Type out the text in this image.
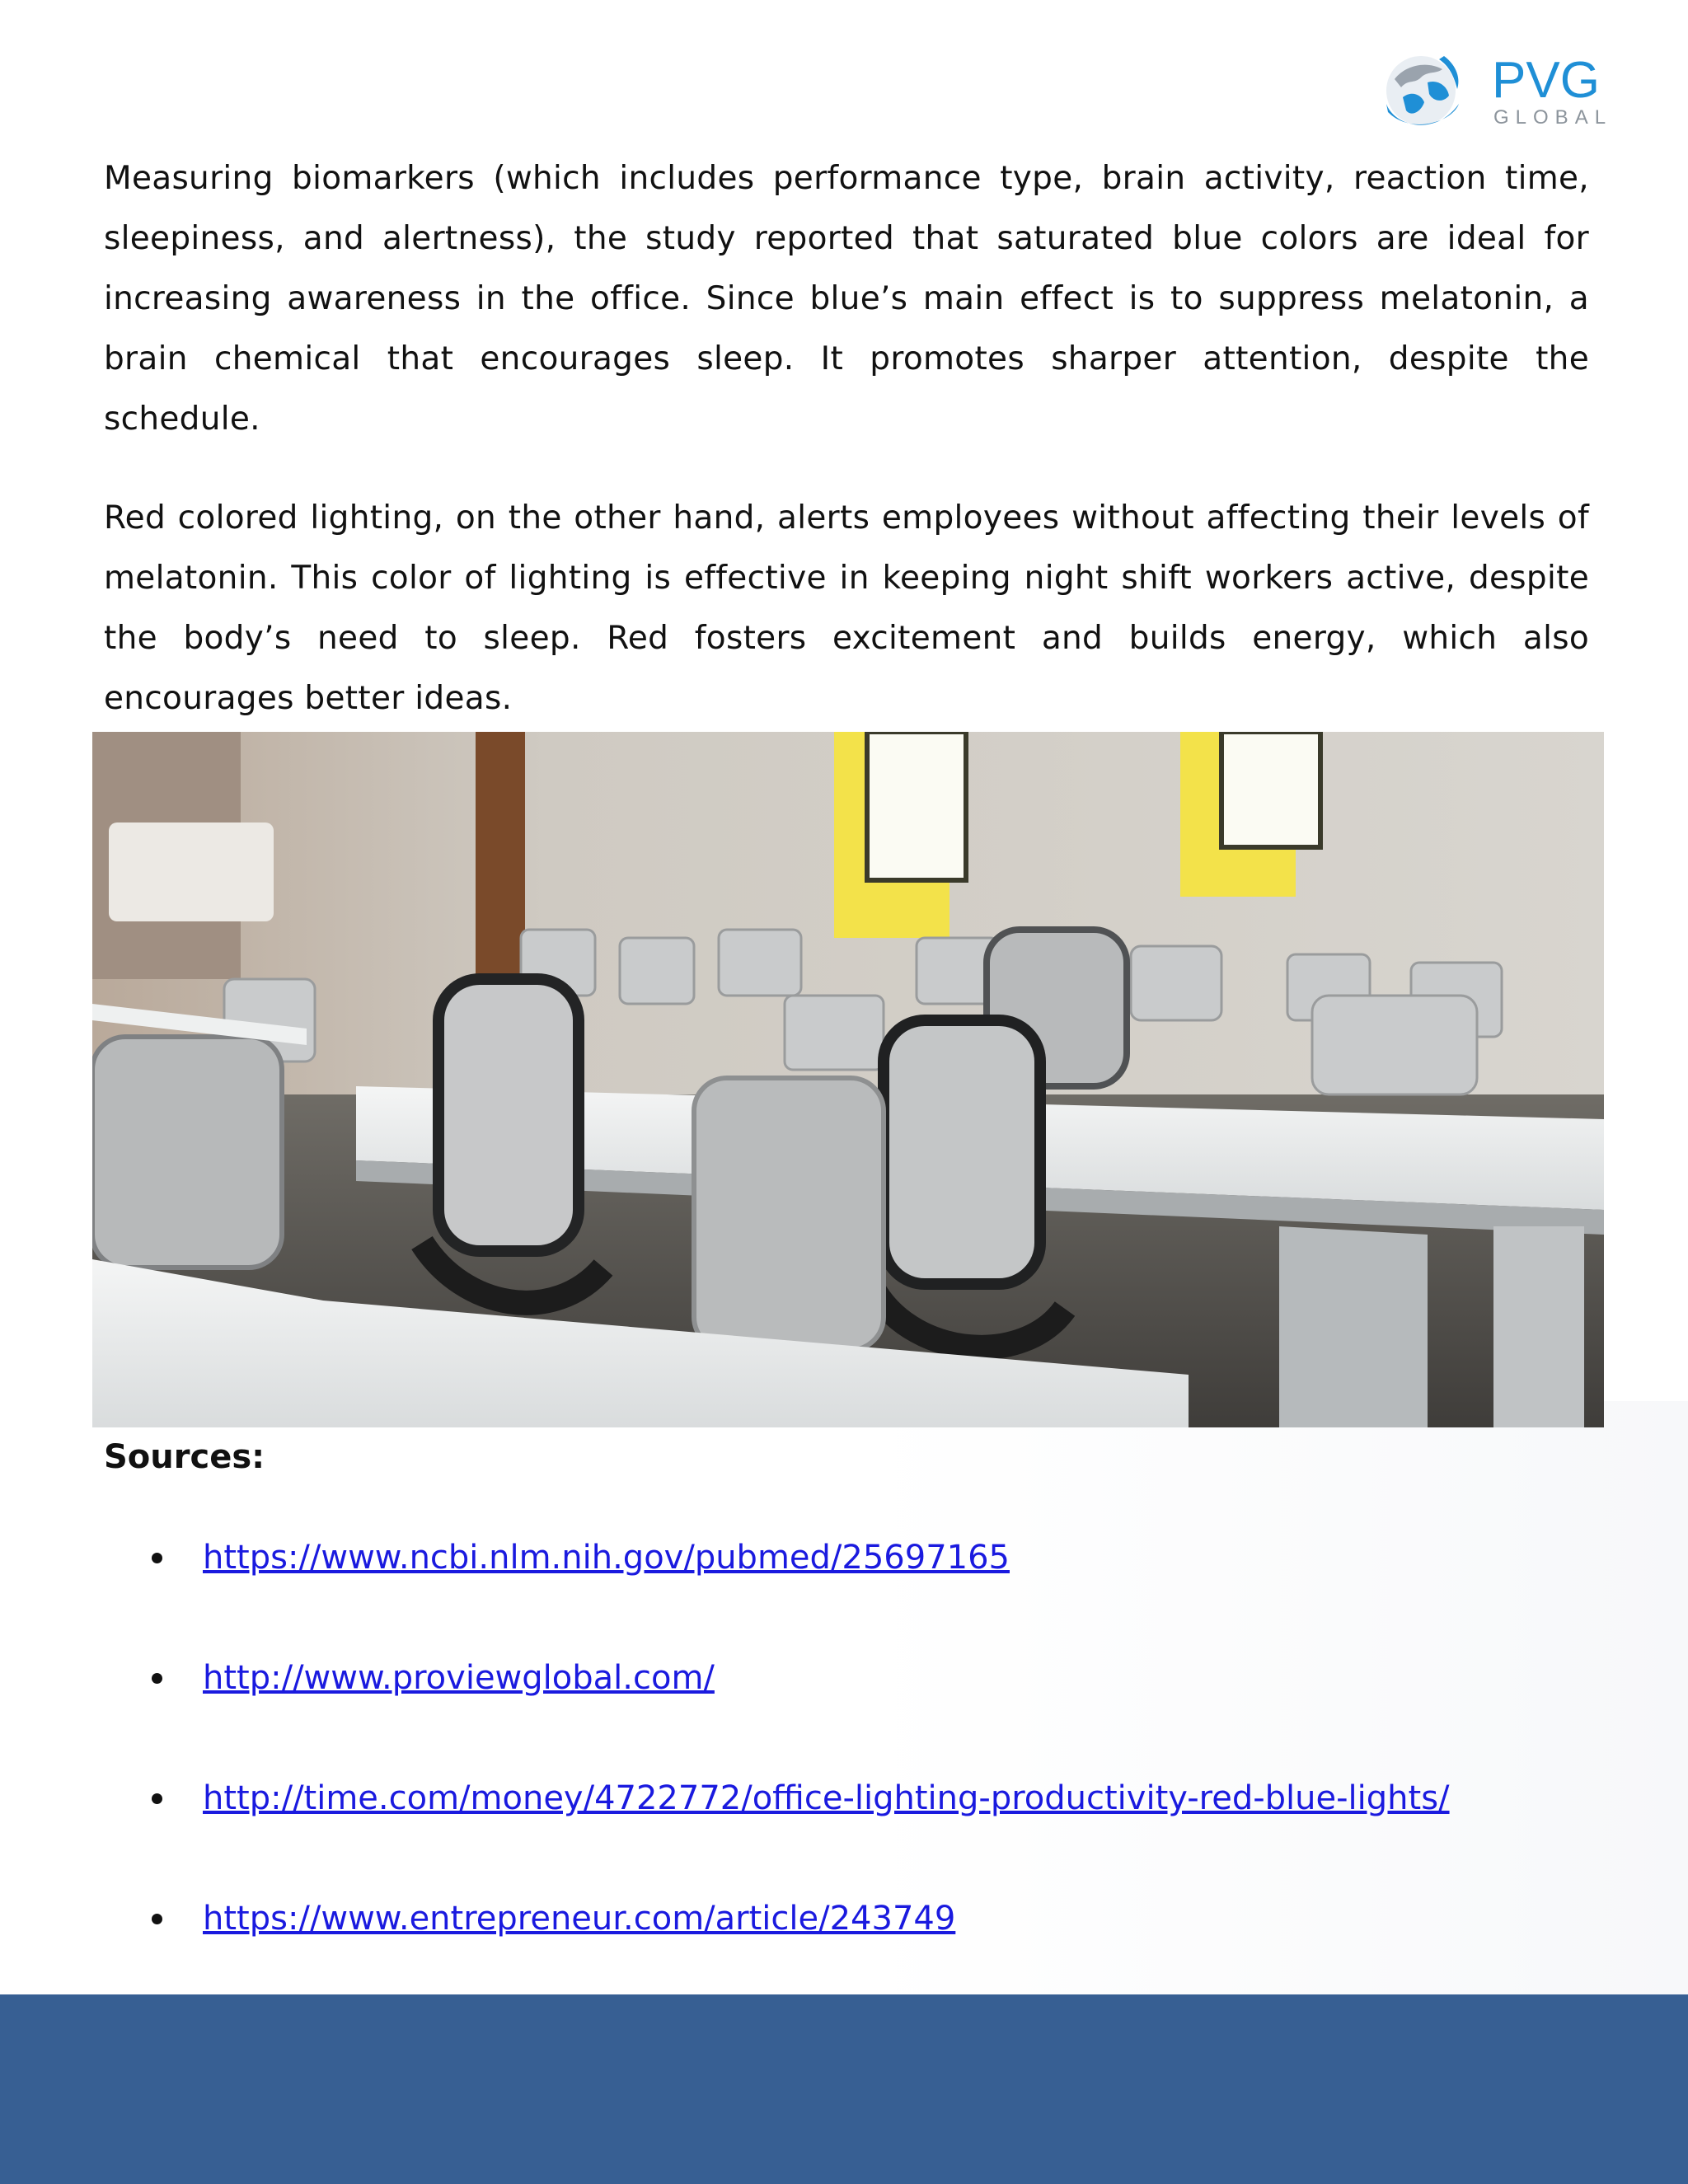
PVG
GLOBAL

Measuring biomarkers (which includes performance type, brain activity, reaction time, sleepiness, and alertness), the study reported that saturated blue colors are ideal for increasing awareness in the office. Since blue’s main effect is to suppress melatonin, a brain chemical that encourages sleep. It promotes sharper attention, despite the schedule.

Red colored lighting, on the other hand, alerts employees without affecting their levels of melatonin. This color of lighting is effective in keeping night shift workers active, despite the body’s need to sleep. Red fosters excitement and builds energy, which also encourages better ideas.

Sources:
https://www.ncbi.nlm.nih.gov/pubmed/25697165
http://www.proviewglobal.com/
http://time.com/money/4722772/office-lighting-productivity-red-blue-lights/
https://www.entrepreneur.com/article/243749
